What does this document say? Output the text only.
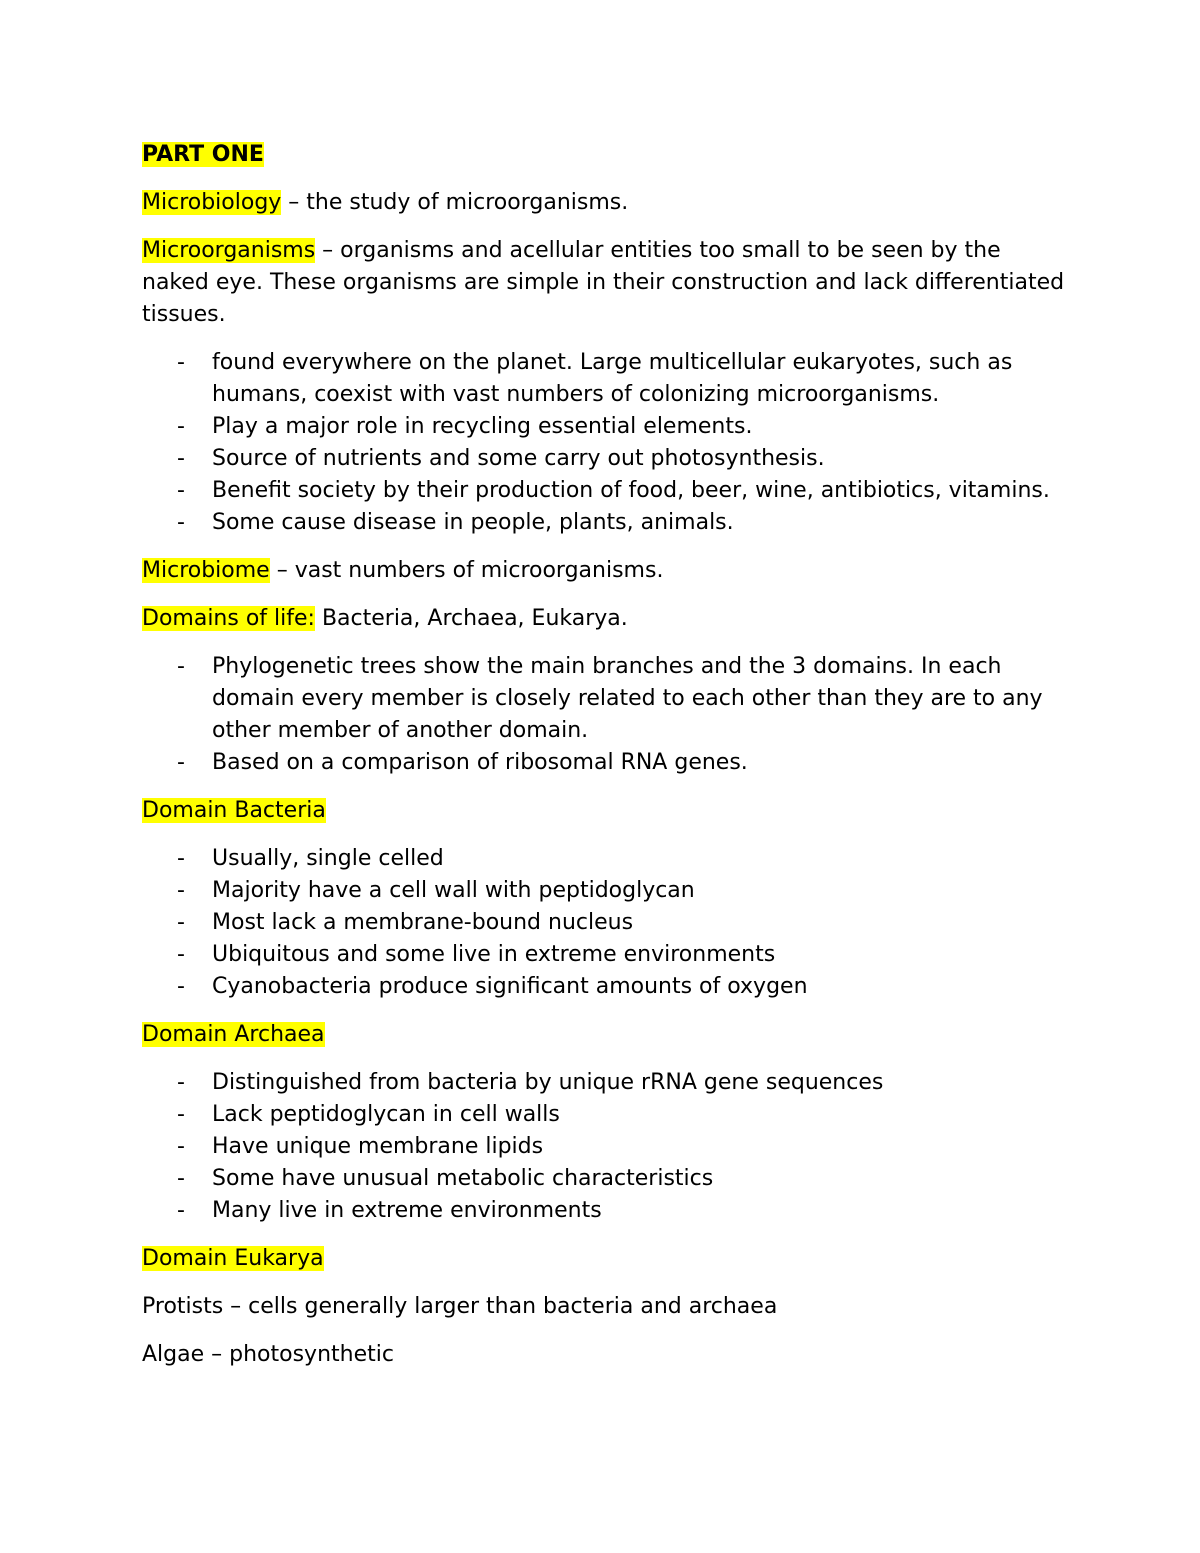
PART ONE

Microbiology – the study of microorganisms.

Microorganisms – organisms and acellular entities too small to be seen by the naked eye. These organisms are simple in their construction and lack differentiated tissues.

- found everywhere on the planet. Large multicellular eukaryotes, such as humans, coexist with vast numbers of colonizing microorganisms.
- Play a major role in recycling essential elements.
- Source of nutrients and some carry out photosynthesis.
- Benefit society by their production of food, beer, wine, antibiotics, vitamins.
- Some cause disease in people, plants, animals.

Microbiome – vast numbers of microorganisms.

Domains of life: Bacteria, Archaea, Eukarya.

- Phylogenetic trees show the main branches and the 3 domains. In each domain every member is closely related to each other than they are to any other member of another domain.
- Based on a comparison of ribosomal RNA genes.

Domain Bacteria

- Usually, single celled
- Majority have a cell wall with peptidoglycan
- Most lack a membrane-bound nucleus
- Ubiquitous and some live in extreme environments
- Cyanobacteria produce significant amounts of oxygen

Domain Archaea

- Distinguished from bacteria by unique rRNA gene sequences
- Lack peptidoglycan in cell walls
- Have unique membrane lipids
- Some have unusual metabolic characteristics
- Many live in extreme environments

Domain Eukarya

Protists – cells generally larger than bacteria and archaea

Algae – photosynthetic
